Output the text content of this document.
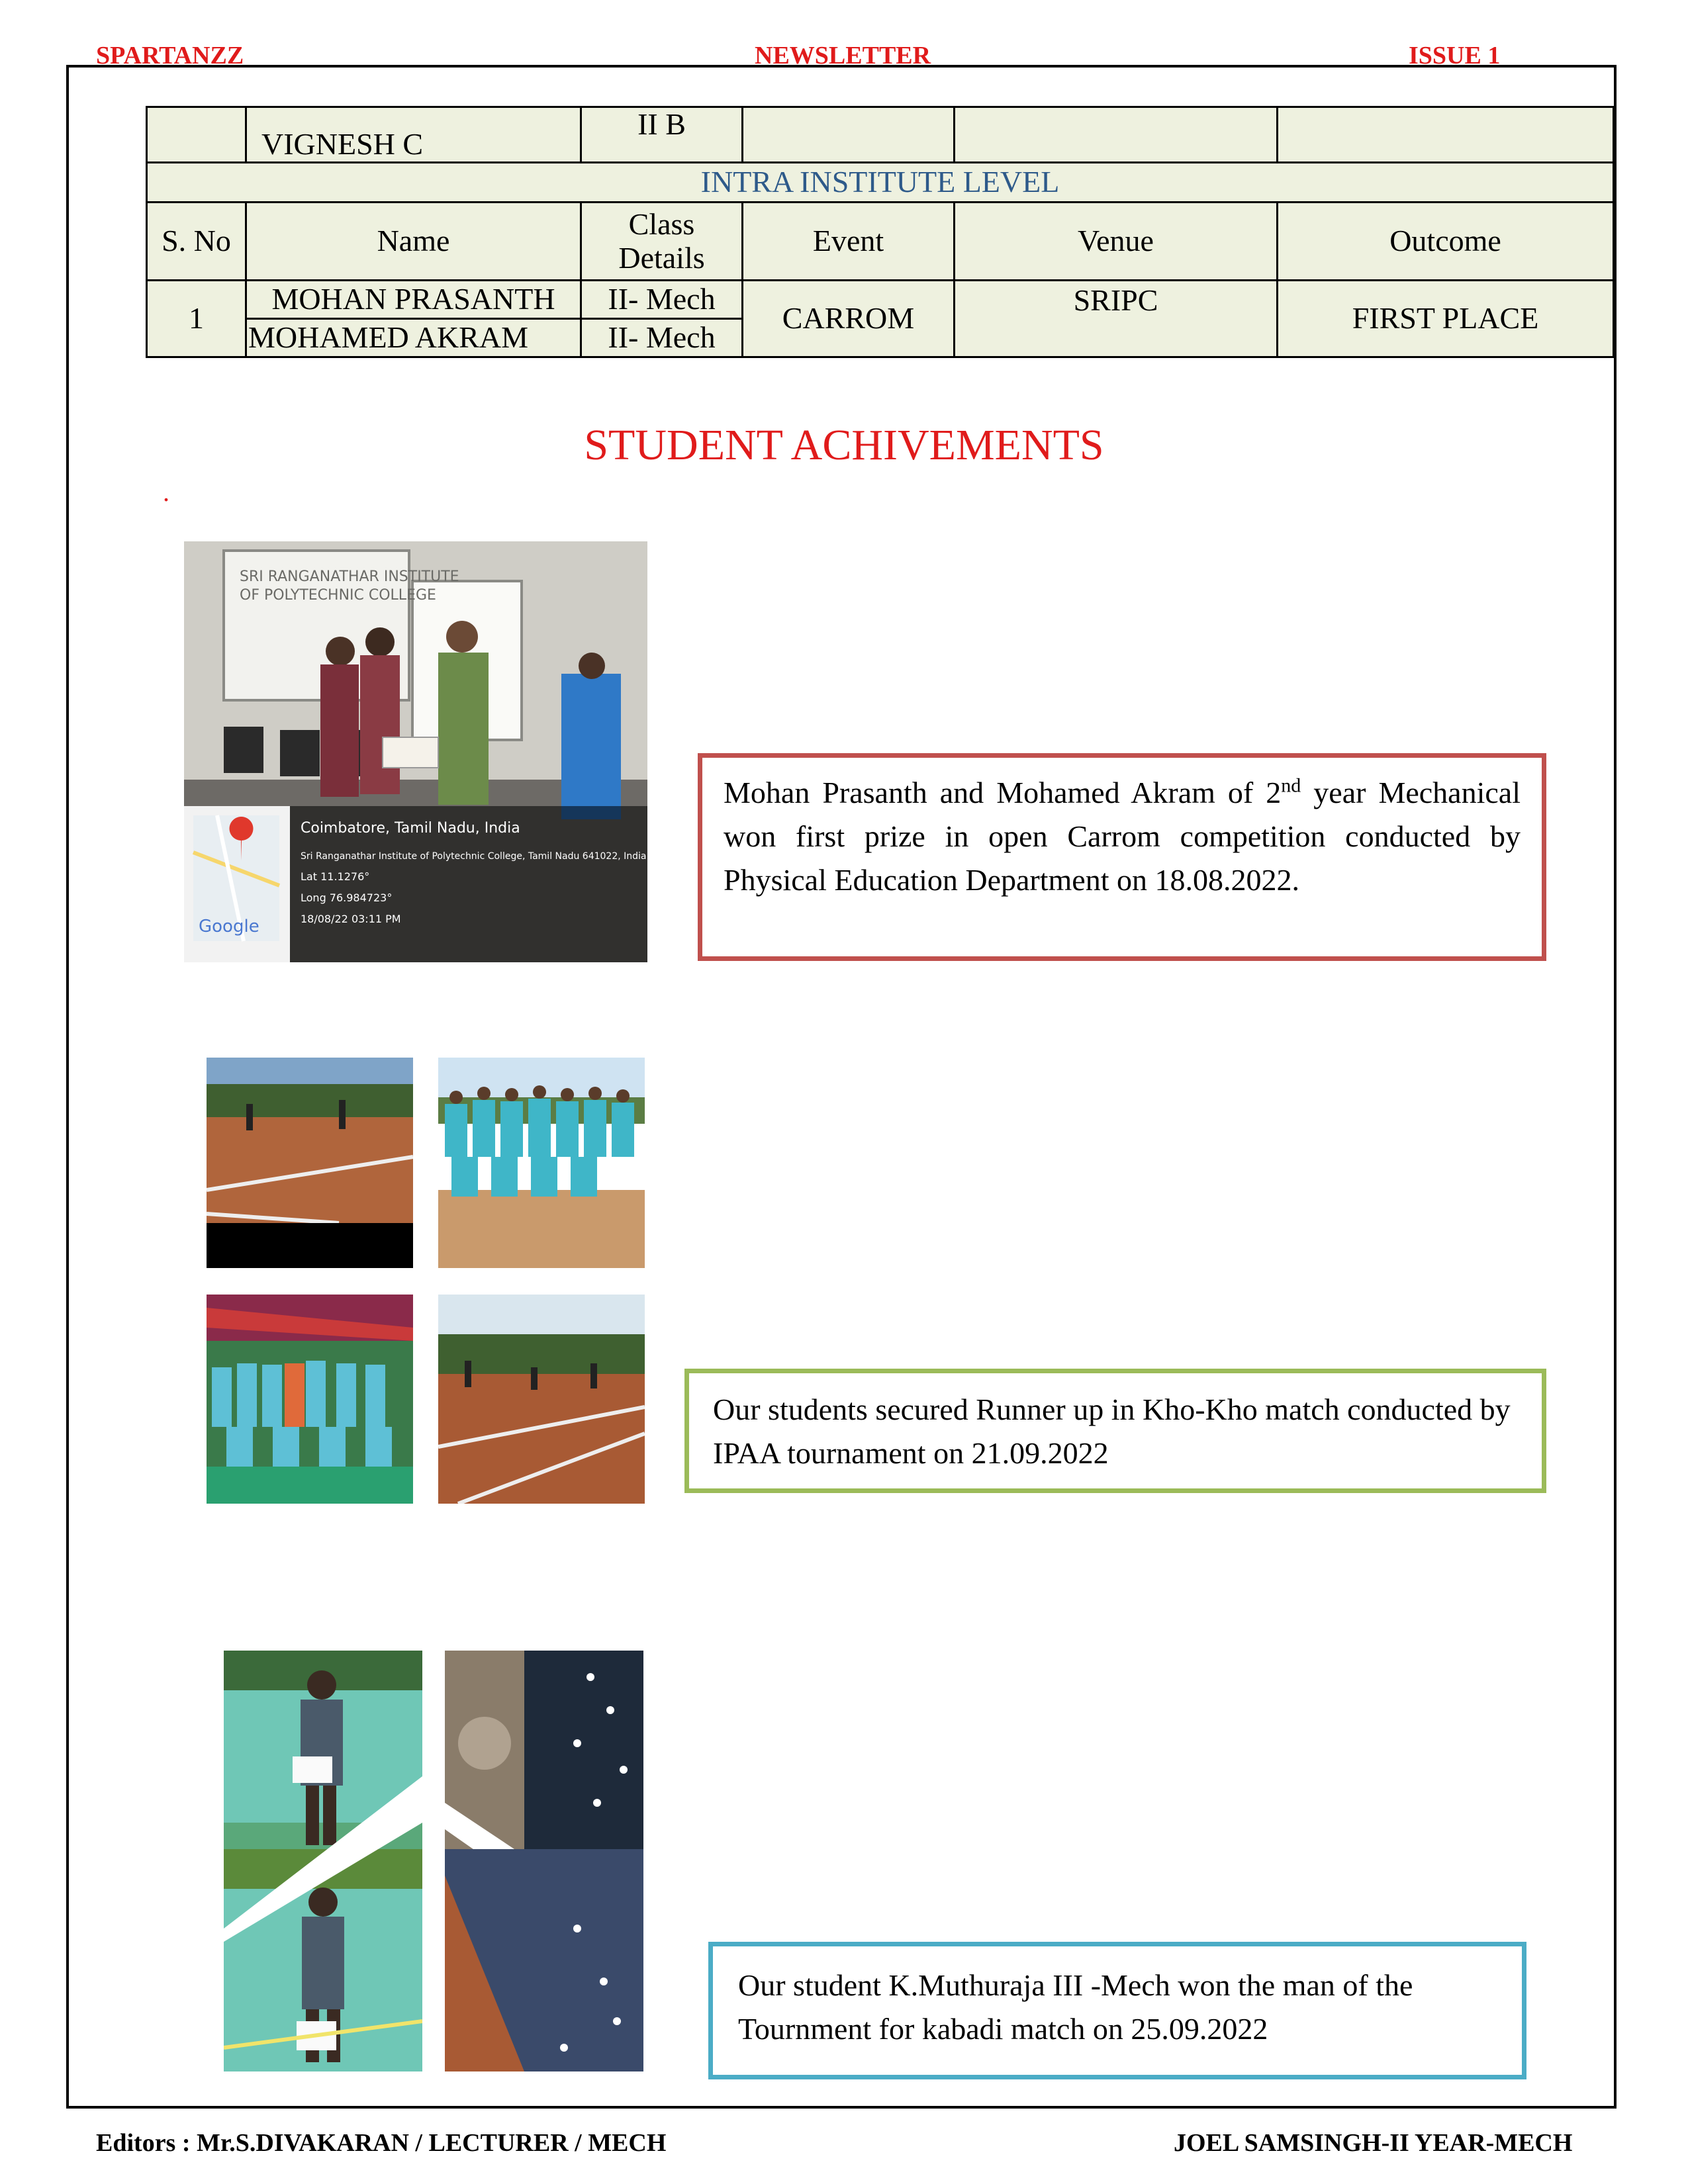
SPARTANZZ	NEWSLETTER	ISSUE 1
	VIGNESH C	II B			
INTRA INSTITUTE LEVEL					
S. No	Name	Class Details	Event	Venue	Outcome
1	MOHAN PRASANTH	II- Mech	CARROM	SRIPC	FIRST PLACE
	MOHAMED AKRAM	II- Mech			
STUDENT ACHIVEMENTS
.
SRI RANGANATHAR INSTITUTE
OF POLYTECHNIC COLLEGE
Google
Coimbatore, Tamil Nadu, India
Sri Ranganathar Institute of Polytechnic College, Tamil Nadu 641022, India
Lat 11.1276°
Long 76.984723°
18/08/22 03:11 PM
Mohan Prasanth and Mohamed Akram of 2nd year Mechanical won first prize in open Carrom competition conducted by Physical Education Department on 18.08.2022.
Our students secured Runner up in Kho-Kho match conducted by IPAA tournament on 21.09.2022
Our student K.Muthuraja III -Mech won the man of the Tournment for kabadi match on 25.09.2022
Editors : Mr.S.DIVAKARAN / LECTURER / MECH	JOEL SAMSINGH-II YEAR-MECH
